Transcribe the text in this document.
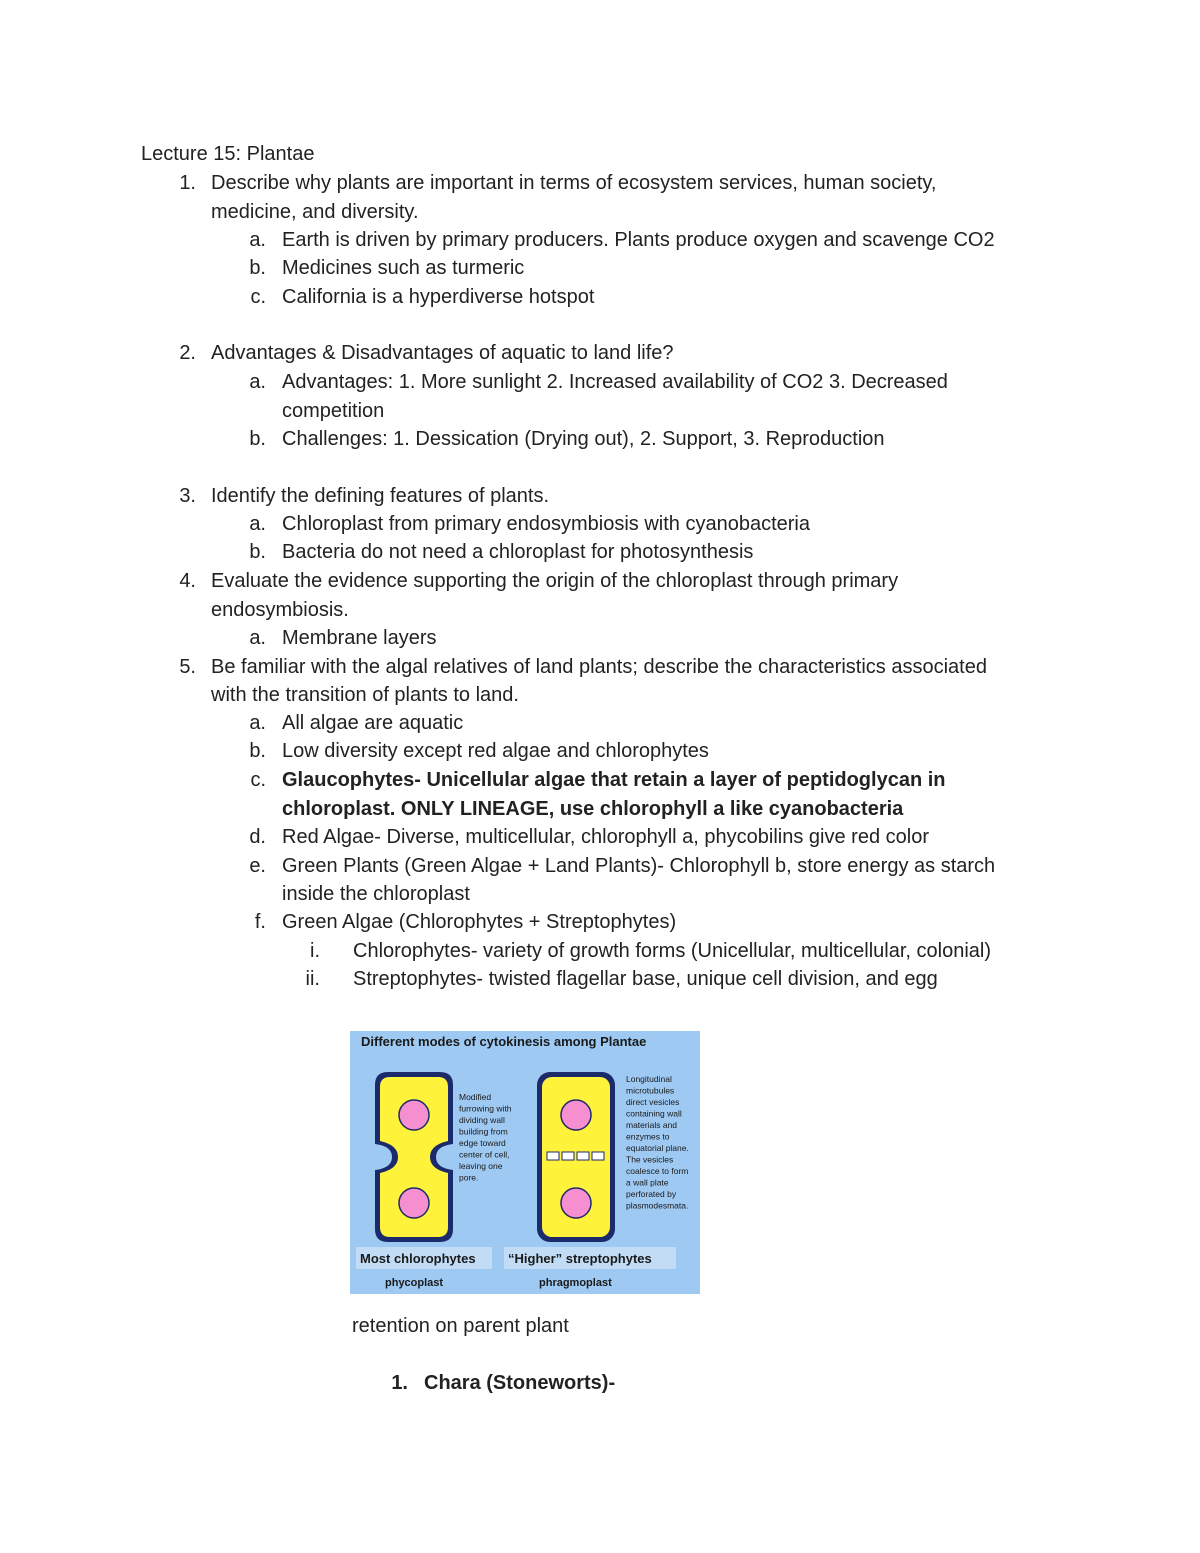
Lecture 15: Plantae
1. Describe why plants are important in terms of ecosystem services, human society,
medicine, and diversity.
a. Earth is driven by primary producers. Plants produce oxygen and scavenge CO2
b. Medicines such as turmeric
c. California is a hyperdiverse hotspot
2. Advantages & Disadvantages of aquatic to land life?
a. Advantages: 1. More sunlight 2. Increased availability of CO2 3. Decreased
competition
b. Challenges: 1. Dessication (Drying out), 2. Support, 3. Reproduction
3. Identify the defining features of plants.
a. Chloroplast from primary endosymbiosis with cyanobacteria
b. Bacteria do not need a chloroplast for photosynthesis
4. Evaluate the evidence supporting the origin of the chloroplast through primary
endosymbiosis.
a. Membrane layers
5. Be familiar with the algal relatives of land plants; describe the characteristics associated
with the transition of plants to land.
a. All algae are aquatic
b. Low diversity except red algae and chlorophytes
c. Glaucophytes- Unicellular algae that retain a layer of peptidoglycan in
chloroplast. ONLY LINEAGE, use chlorophyll a like cyanobacteria
d. Red Algae- Diverse, multicellular, chlorophyll a, phycobilins give red color
e. Green Plants (Green Algae + Land Plants)- Chlorophyll b, store energy as starch
inside the chloroplast
f. Green Algae (Chlorophytes + Streptophytes)
i. Chlorophytes- variety of growth forms (Unicellular, multicellular, colonial)
ii. Streptophytes- twisted flagellar base, unique cell division, and egg
Different modes of cytokinesis among Plantae
Modified
furrowing with
dividing wall
building from
edge toward
center of cell,
leaving one
pore.
Longitudinal
microtubules
direct vesicles
containing wall
materials and
enzymes to
equatorial plane.
The vesicles
coalesce to form
a wall plate
perforated by
plasmodesmata.
Most chlorophytes
phycoplast
“Higher” streptophytes
phragmoplast
retention on parent plant
1. Chara (Stoneworts)-
